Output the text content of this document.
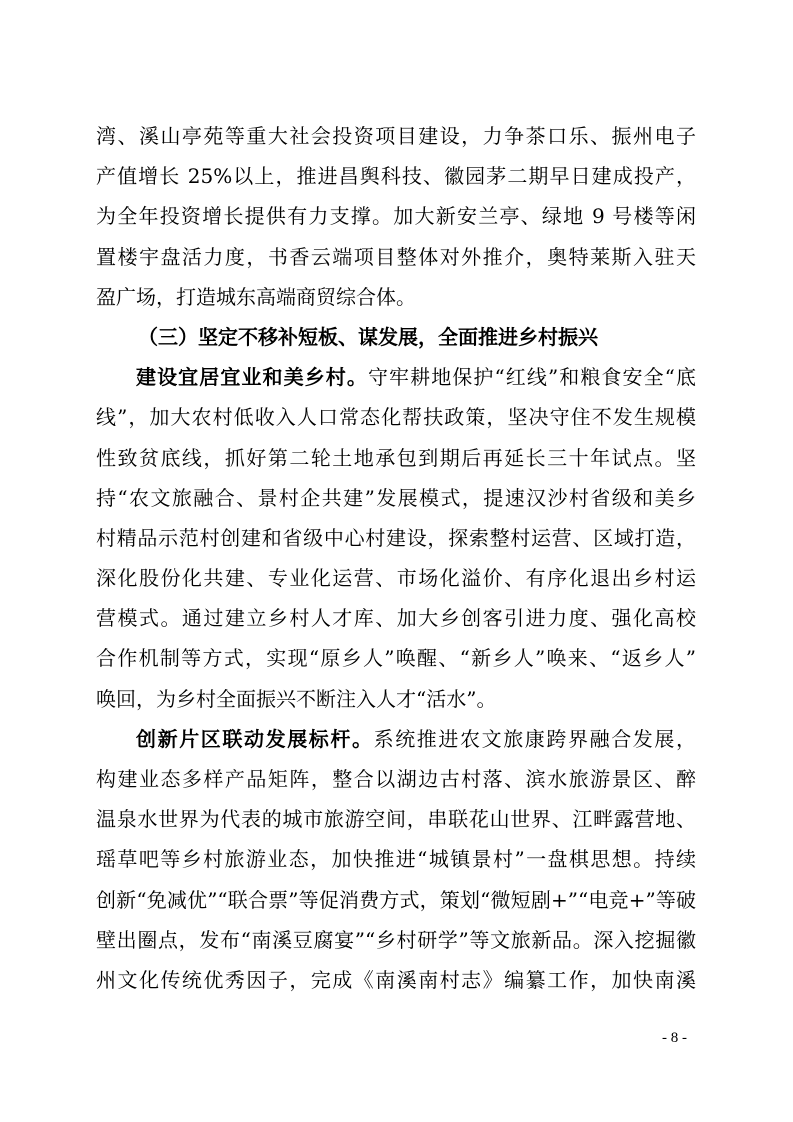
湾、溪山亭苑等重大社会投资项目建设，力争茶口乐、振州电子
产值增长 25%以上，推进昌舆科技、徽园茅二期早日建成投产，
为全年投资增长提供有力支撑。加大新安兰亭、绿地 9 号楼等闲
置楼宇盘活力度，书香云端项目整体对外推介，奥特莱斯入驻天
盈广场，打造城东高端商贸综合体。
（三）坚定不移补短板、谋发展，全面推进乡村振兴
建设宜居宜业和美乡村。守牢耕地保护“红线”和粮食安全“底
线”，加大农村低收入人口常态化帮扶政策，坚决守住不发生规模
性致贫底线，抓好第二轮土地承包到期后再延长三十年试点。坚
持“农文旅融合、景村企共建”发展模式，提速汉沙村省级和美乡
村精品示范村创建和省级中心村建设，探索整村运营、区域打造，
深化股份化共建、专业化运营、市场化溢价、有序化退出乡村运
营模式。通过建立乡村人才库、加大乡创客引进力度、强化高校
合作机制等方式，实现“原乡人”唤醒、“新乡人”唤来、“返乡人”
唤回，为乡村全面振兴不断注入人才“活水”。
创新片区联动发展标杆。系统推进农文旅康跨界融合发展，
构建业态多样产品矩阵，整合以湖边古村落、滨水旅游景区、醉
温泉水世界为代表的城市旅游空间，串联花山世界、江畔露营地、
瑶草吧等乡村旅游业态，加快推进“城镇景村”一盘棋思想。持续
创新“免减优”“联合票”等促消费方式，策划“微短剧+”“电竞+”等破
壁出圈点，发布“南溪豆腐宴”“乡村研学”等文旅新品。深入挖掘徽
州文化传统优秀因子，完成《南溪南村志》编纂工作，加快南溪
- 8 -
